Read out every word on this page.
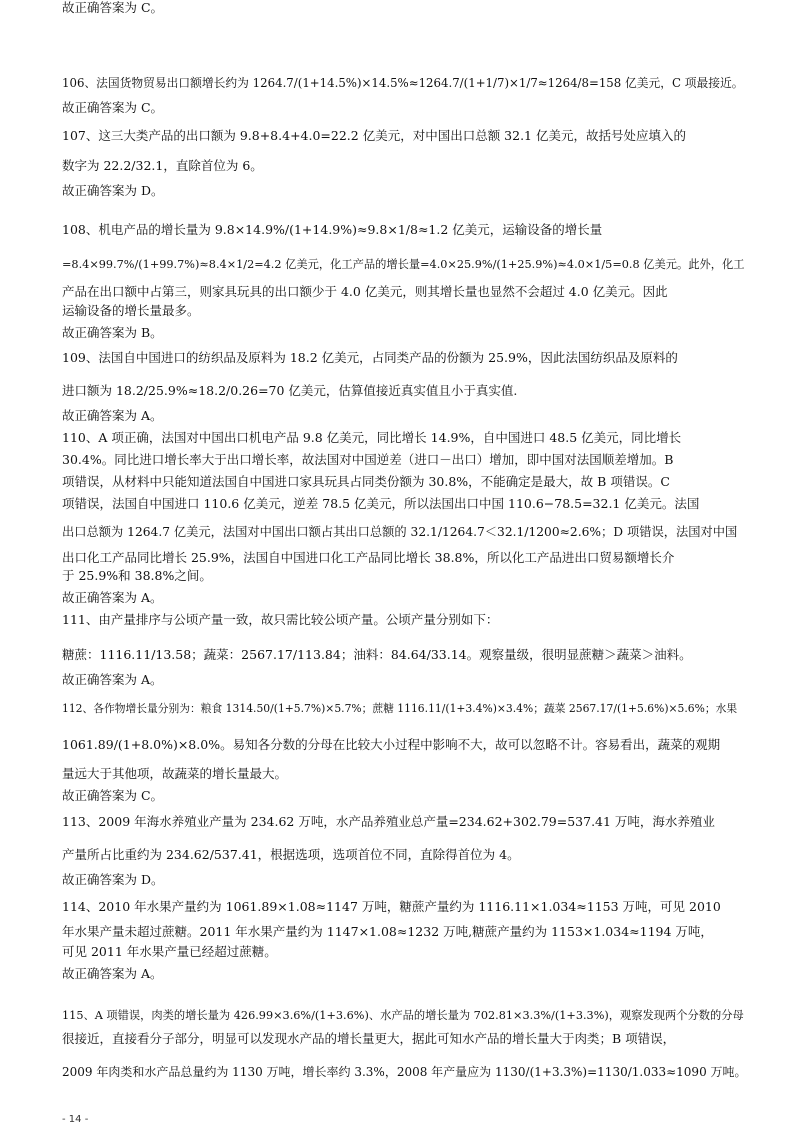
故正确答案为 C。
106、法国货物贸易出口额增长约为 1264.7/(1+14.5%)×14.5%≈1264.7/(1+1/7)×1/7≈1264/8=158 亿美元，C 项最接近。
故正确答案为 C。
107、这三大类产品的出口额为 9.8+8.4+4.0=22.2 亿美元，对中国出口总额 32.1 亿美元，故括号处应填入的
数字为 22.2/32.1，直除首位为 6。
故正确答案为 D。
108、机电产品的增长量为 9.8×14.9%/(1+14.9%)≈9.8×1/8≈1.2 亿美元，运输设备的增长量
=8.4×99.7%/(1+99.7%)≈8.4×1/2=4.2 亿美元，化工产品的增长量=4.0×25.9%/(1+25.9%)≈4.0×1/5=0.8 亿美元。此外，化工
产品在出口额中占第三，则家具玩具的出口额少于 4.0 亿美元，则其增长量也显然不会超过 4.0 亿美元。因此
运输设备的增长量最多。
故正确答案为 B。
109、法国自中国进口的纺织品及原料为 18.2 亿美元，占同类产品的份额为 25.9%，因此法国纺织品及原料的
进口额为 18.2/25.9%≈18.2/0.26=70 亿美元，估算值接近真实值且小于真实值.
故正确答案为 A。
110、A 项正确，法国对中国出口机电产品 9.8 亿美元，同比增长 14.9%，自中国进口 48.5 亿美元，同比增长
30.4%。同比进口增长率大于出口增长率，故法国对中国逆差（进口－出口）增加，即中国对法国顺差增加。B
项错误，从材料中只能知道法国自中国进口家具玩具占同类份额为 30.8%，不能确定是最大，故 B 项错误。C
项错误，法国自中国进口 110.6 亿美元，逆差 78.5 亿美元，所以法国出口中国 110.6−78.5=32.1 亿美元。法国
出口总额为 1264.7 亿美元，法国对中国出口额占其出口总额的 32.1/1264.7＜32.1/1200≈2.6%；D 项错误，法国对中国
出口化工产品同比增长 25.9%，法国自中国进口化工产品同比增长 38.8%，所以化工产品进出口贸易额增长介
于 25.9%和 38.8%之间。
故正确答案为 A。
111、由产量排序与公顷产量一致，故只需比较公顷产量。公顷产量分别如下：
糖蔗：1116.11/13.58；蔬菜：2567.17/113.84；油料：84.64/33.14。观察量级，很明显蔗糖＞蔬菜＞油料。
故正确答案为 A。
112、各作物增长量分别为：粮食 1314.50/(1+5.7%)×5.7%；蔗糖 1116.11/(1+3.4%)×3.4%；蔬菜 2567.17/(1+5.6%)×5.6%；水果
1061.89/(1+8.0%)×8.0%。易知各分数的分母在比较大小过程中影响不大，故可以忽略不计。容易看出，蔬菜的观期
量远大于其他项，故蔬菜的增长量最大。
故正确答案为 C。
113、2009 年海水养殖业产量为 234.62 万吨，水产品养殖业总产量=234.62+302.79=537.41 万吨，海水养殖业
产量所占比重约为 234.62/537.41，根据选项，选项首位不同，直除得首位为 4。
故正确答案为 D。
114、2010 年水果产量约为 1061.89×1.08≈1147 万吨，糖蔗产量约为 1116.11×1.034≈1153 万吨，可见 2010
年水果产量未超过蔗糖。2011 年水果产量约为 1147×1.08≈1232 万吨,糖蔗产量约为 1153×1.034≈1194 万吨，
可见 2011 年水果产量已经超过蔗糖。
故正确答案为 A。
115、A 项错误，肉类的增长量为 426.99×3.6%/(1+3.6%)、水产品的增长量为 702.81×3.3%/(1+3.3%)，观察发现两个分数的分母
很接近，直接看分子部分，明显可以发现水产品的增长量更大，据此可知水产品的增长量大于肉类；B 项错误，
2009 年肉类和水产品总量约为 1130 万吨，增长率约 3.3%，2008 年产量应为 1130/(1+3.3%)=1130/1.033≈1090 万吨。
- 14 -
